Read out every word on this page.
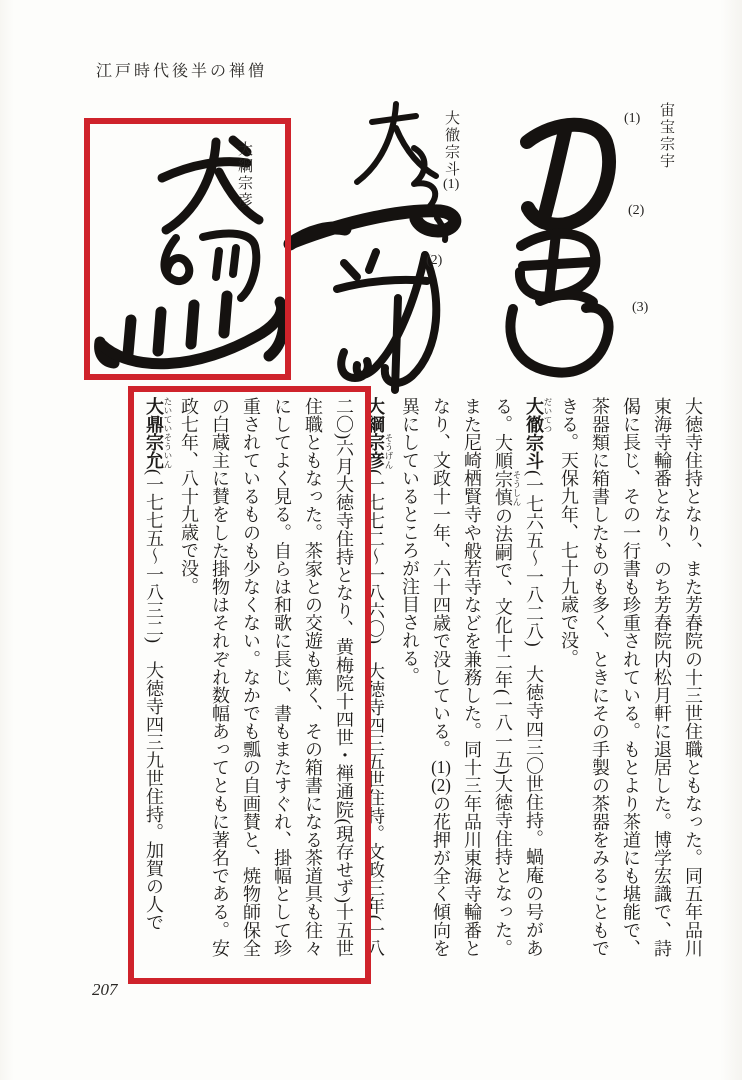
江戸時代後半の禅僧
宙宝宗宇
(1)
(2)
(3)
大徹宗斗
(1)
(2)
大綱宗彦

大徳寺住持となり、また芳春院の十三世住職ともなった。同五年品川東海寺輪番となり、のち芳春院内松月軒に退居した。博学宏識で、詩偈に長じ、その一行書も珍重されている。もとより茶道にも堪能で、茶器類に箱書したものも多く、ときにその手製の茶器をみることもできる。天保九年、七十九歳で没。

大徹 だいてつ宗斗(一七六五〜一八二八)　大徳寺四三〇世住持。蝸庵の号がある。大順宗慎 そうしんの法嗣で、文化十二年(一八一五)大徳寺住持となった。また尼崎栖賢寺や般若寺などを兼務した。同十三年品川東海寺輪番となり、文政十一年、六十四歳で没している。(1)(2)の花押が全く傾向を異にしているところが注目される。

大綱宗彦 そうげん(一七七二〜一八六〇)　大徳寺四三五世住持。文政三年(一八二〇)六月大徳寺住持となり、黄梅院十四世・禅通院(現存せず)十五世住職ともなった。茶家との交遊も篤く、その箱書になる茶道具も往々にしてよく見る。自らは和歌に長じ、書もまたすぐれ、掛幅として珍重されているものも少なくない。なかでも瓢の自画賛と、焼物師保全の白蔵主に賛をした掛物はそれぞれ数幅あってともに著名である。安政七年、八十九歳で没。

大鼎宗允 たいていそういん(一七七五〜一八三二)　大徳寺四三九世住持。加賀の人で

207
